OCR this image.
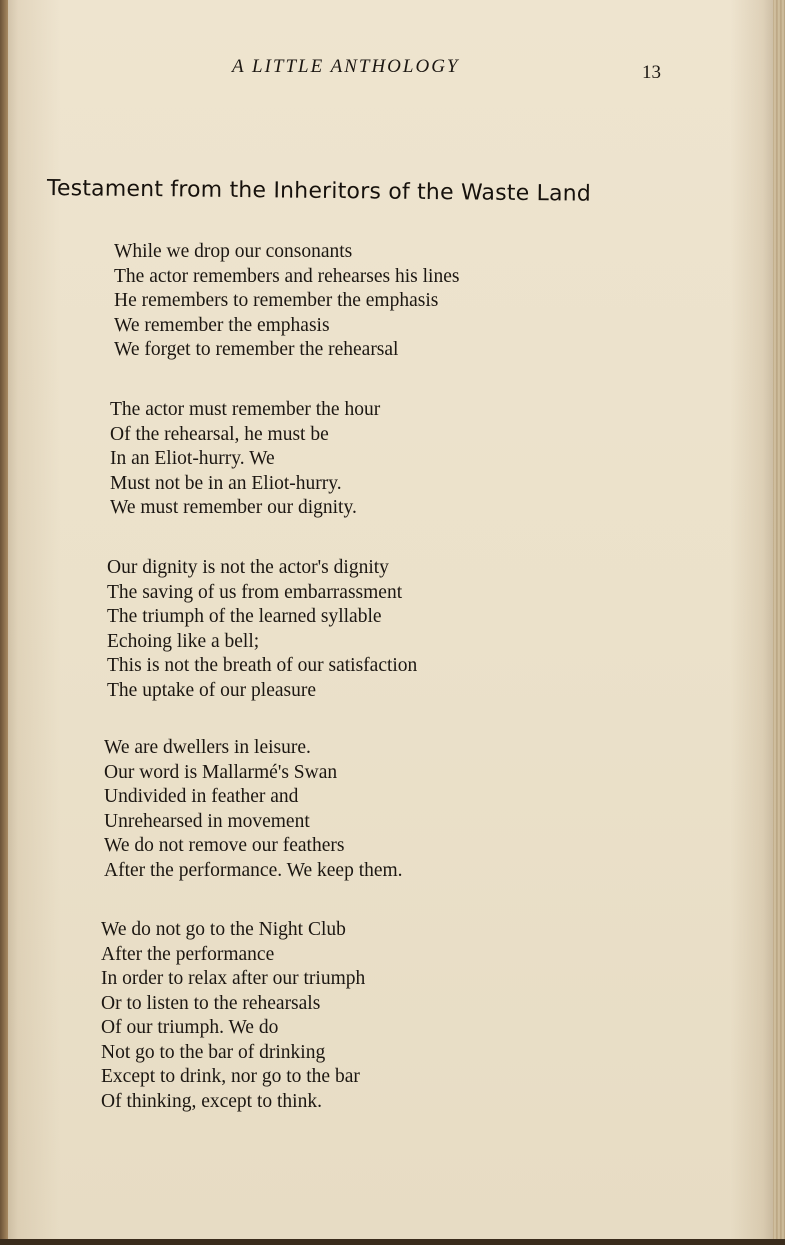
A LITTLE ANTHOLOGY	13
Testament from the Inheritors of the Waste Land
While we drop our consonants
The actor remembers and rehearses his lines
He remembers to remember the emphasis
We remember the emphasis
We forget to remember the rehearsal
The actor must remember the hour
Of the rehearsal, he must be
In an Eliot-hurry. We
Must not be in an Eliot-hurry.
We must remember our dignity.
Our dignity is not the actor's dignity
The saving of us from embarrassment
The triumph of the learned syllable
Echoing like a bell;
This is not the breath of our satisfaction
The uptake of our pleasure
We are dwellers in leisure.
Our word is Mallarmé's Swan
Undivided in feather and
Unrehearsed in movement
We do not remove our feathers
After the performance. We keep them.
We do not go to the Night Club
After the performance
In order to relax after our triumph
Or to listen to the rehearsals
Of our triumph. We do
Not go to the bar of drinking
Except to drink, nor go to the bar
Of thinking, except to think.
